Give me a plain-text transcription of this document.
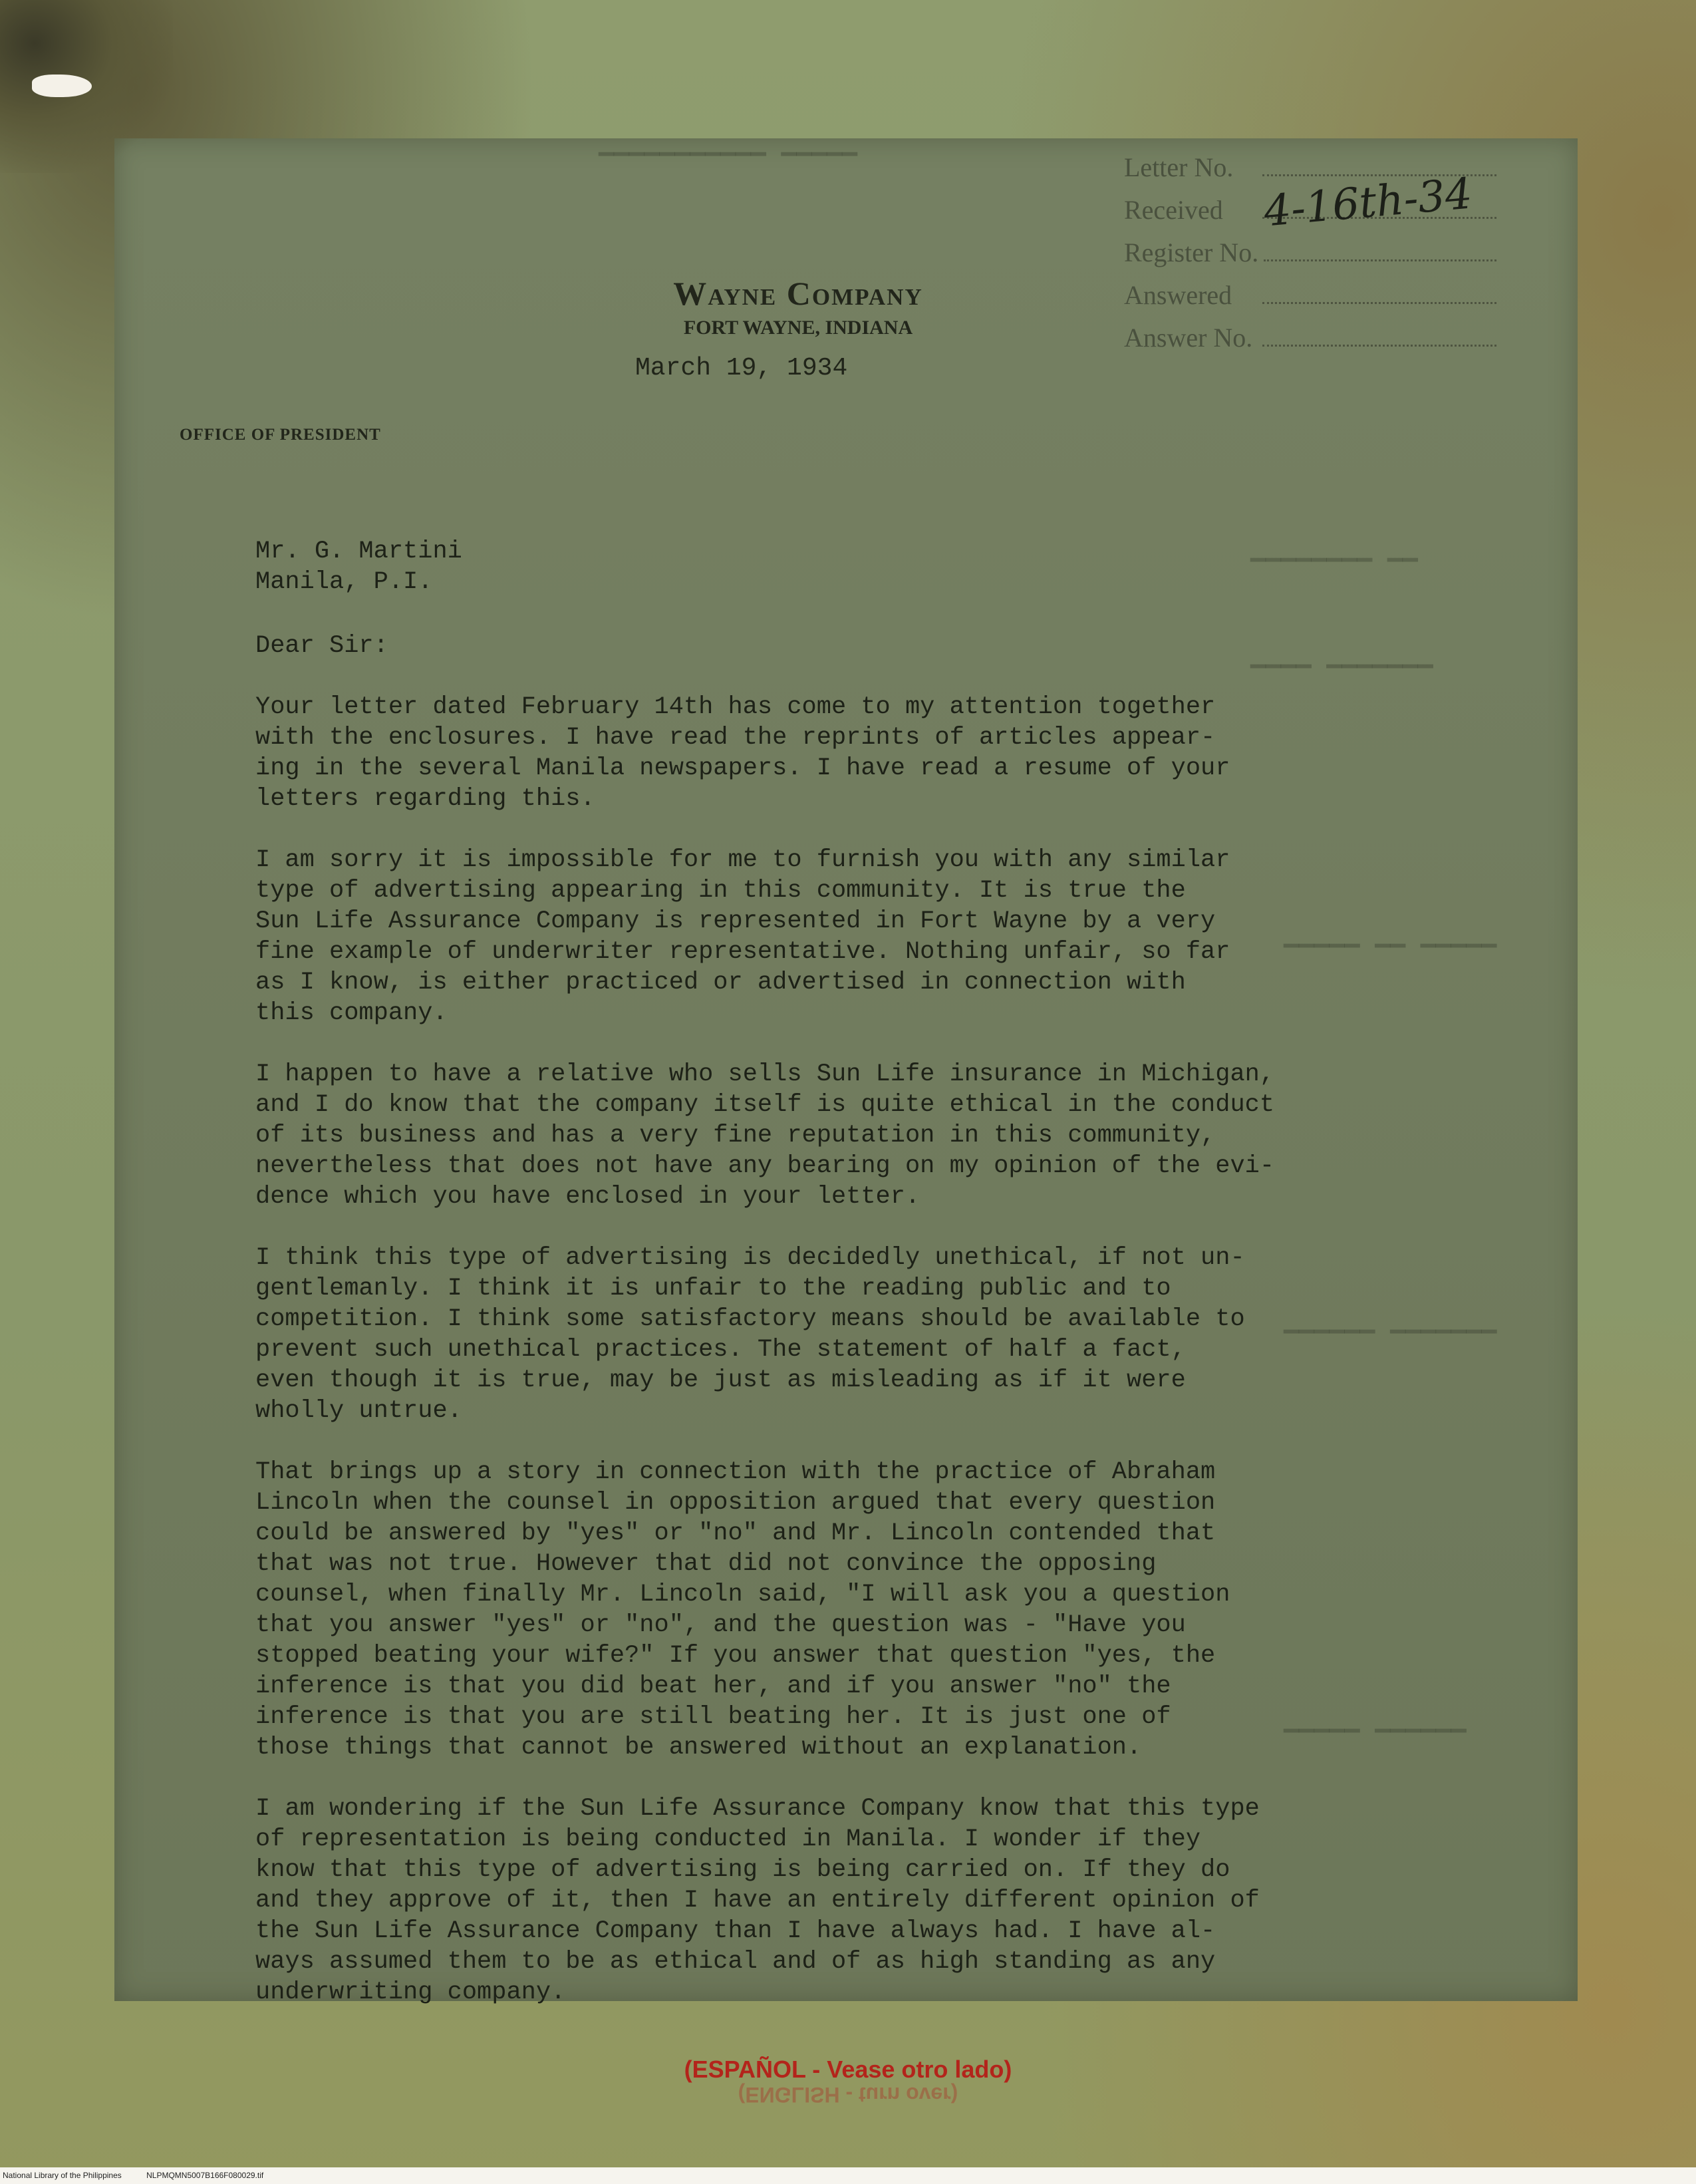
▁▁▁▁▁ ▁▁▁▁▁▁▁▁▁▁▁
▁▁ ▁▁▁▁▁▁▁▁
▁▁▁▁▁▁▁ ▁▁▁▁
▁▁▁▁▁ ▁▁ ▁▁▁▁▁
▁▁▁▁▁▁▁ ▁▁▁▁▁▁
▁▁▁▁▁▁ ▁▁▁▁▁
Letter No.
Received
Register No.
Answered
Answer No.
4-16th-34
Wayne Company
FORT WAYNE, INDIANA
March 19, 1934
OFFICE OF PRESIDENT
Mr. G. Martini
Manila, P.I.
Dear Sir:
Your letter dated February 14th has come to my attention together
with the enclosures. I have read the reprints of articles appear-
ing in the several Manila newspapers. I have read a resume of your
letters regarding this.
I am sorry it is impossible for me to furnish you with any similar
type of advertising appearing in this community. It is true the
Sun Life Assurance Company is represented in Fort Wayne by a very
fine example of underwriter representative. Nothing unfair, so far
as I know, is either practiced or advertised in connection with
this company.
I happen to have a relative who sells Sun Life insurance in Michigan,
and I do know that the company itself is quite ethical in the conduct
of its business and has a very fine reputation in this community,
nevertheless that does not have any bearing on my opinion of the evi-
dence which you have enclosed in your letter.
I think this type of advertising is decidedly unethical, if not un-
gentlemanly. I think it is unfair to the reading public and to
competition. I think some satisfactory means should be available to
prevent such unethical practices. The statement of half a fact,
even though it is true, may be just as misleading as if it were
wholly untrue.
That brings up a story in connection with the practice of Abraham
Lincoln when the counsel in opposition argued that every question
could be answered by "yes" or "no" and Mr. Lincoln contended that
that was not true. However that did not convince the opposing
counsel, when finally Mr. Lincoln said, "I will ask you a question
that you answer "yes" or "no", and the question was - "Have you
stopped beating your wife?" If you answer that question "yes, the
inference is that you did beat her, and if you answer "no" the
inference is that you are still beating her. It is just one of
those things that cannot be answered without an explanation.
I am wondering if the Sun Life Assurance Company know that this type
of representation is being conducted in Manila. I wonder if they
know that this type of advertising is being carried on. If they do
and they approve of it, then I have an entirely different opinion of
the Sun Life Assurance Company than I have always had. I have al-
ways assumed them to be as ethical and of as high standing as any
underwriting company.
(ESPAÑOL - Vease otro lado)
(ENGLISH - turn over)
National Library of the Philippines	NLPMQMN5007B166F080029.tif
